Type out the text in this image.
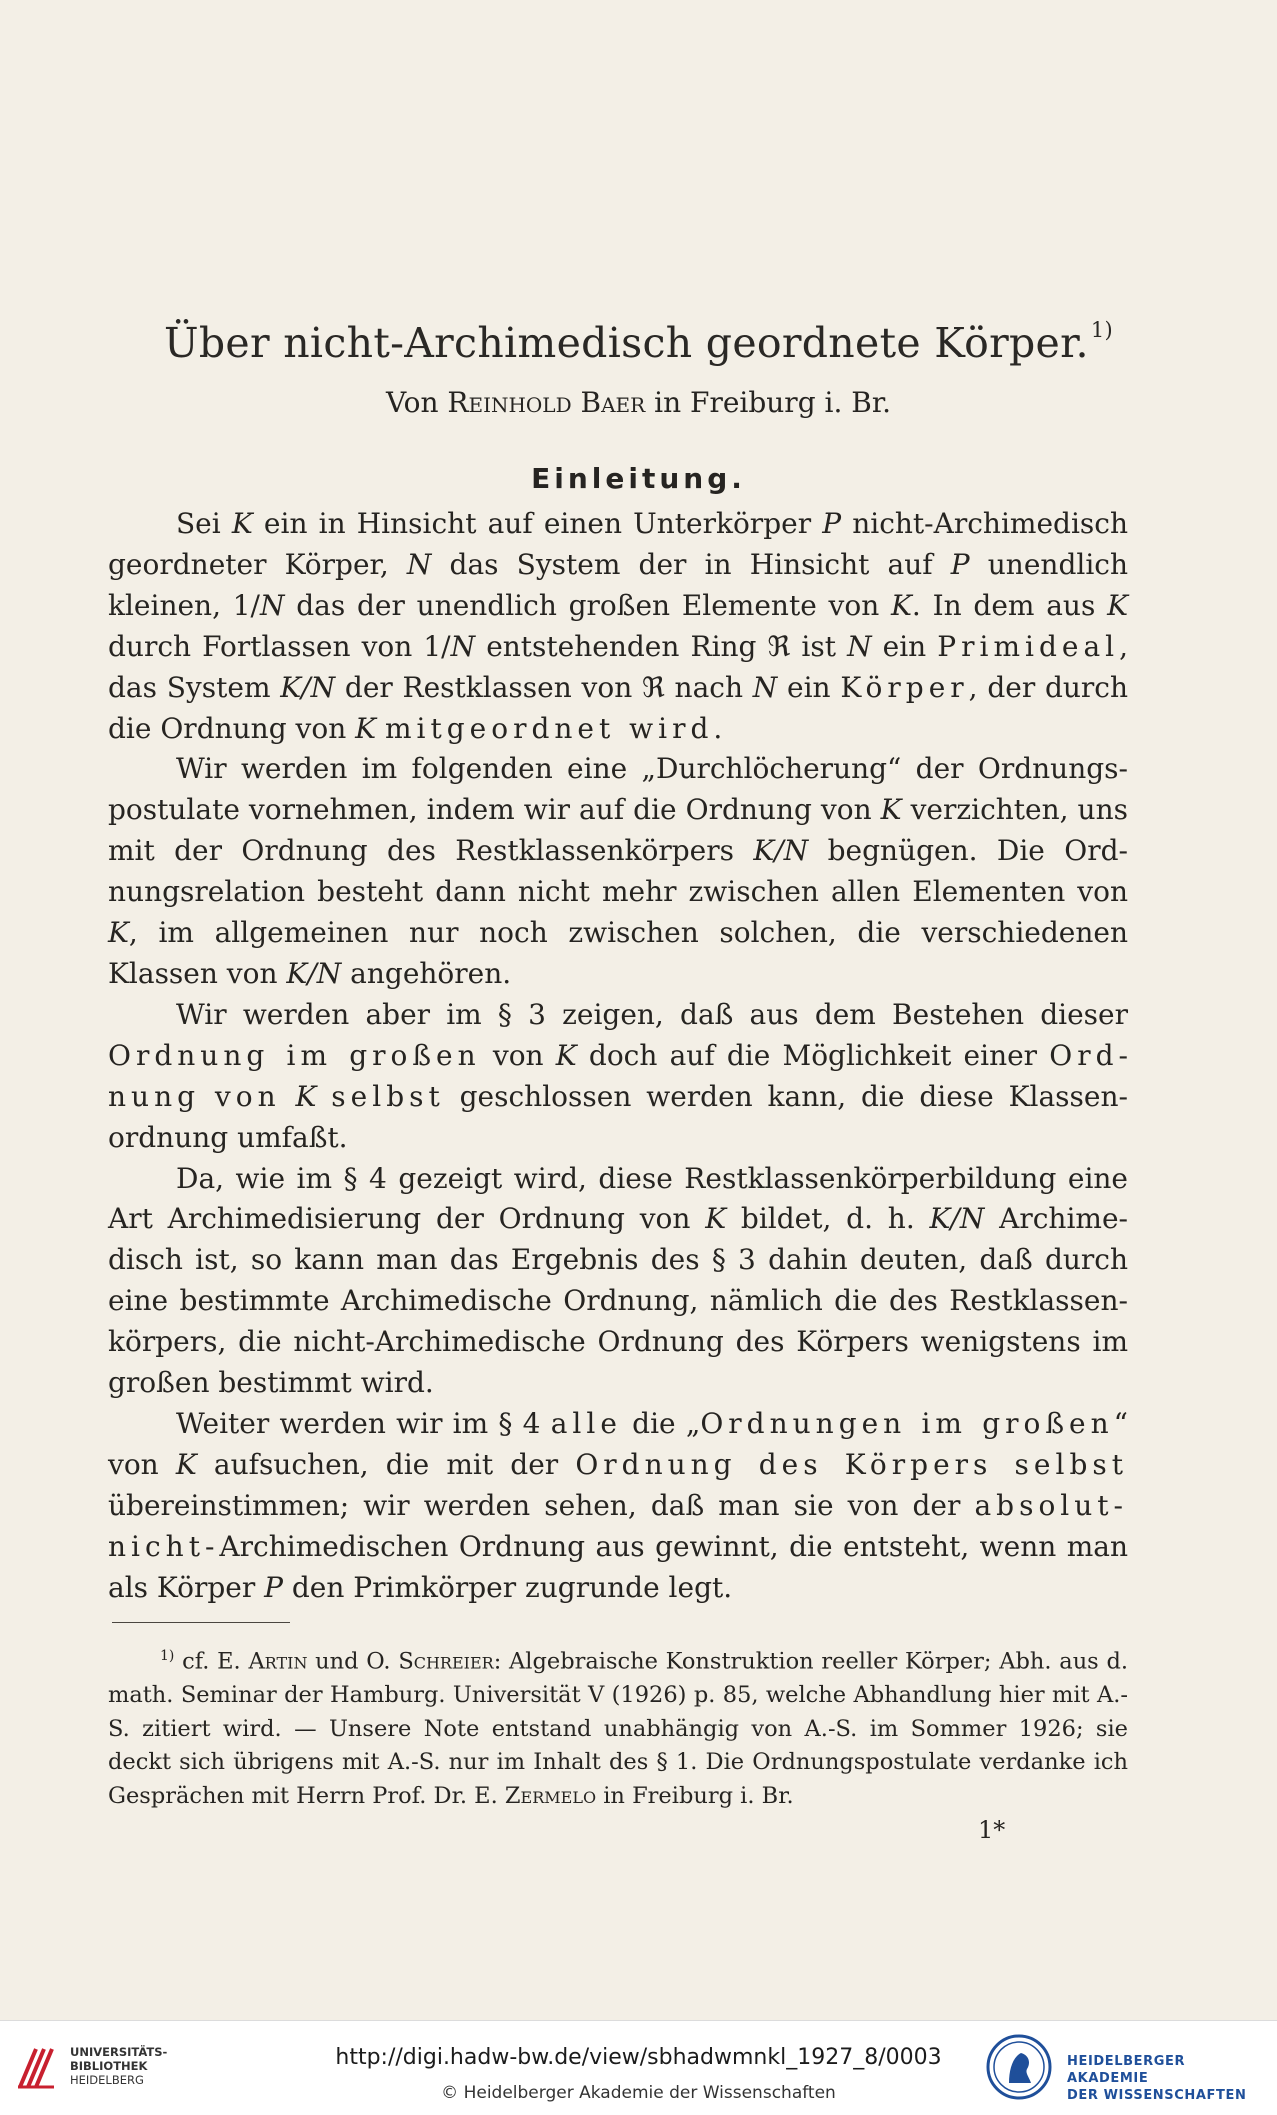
Über nicht-Archimedisch geordnete Körper.$^{1)}$
Von Reinhold Baer in Freiburg i. Br.
Einleitung.

Sei K ein in Hinsicht auf einen Unterkörper P nicht-Archimedisch geordneter Körper, N das System der in Hinsicht auf P unendlich kleinen, 1/N das der unendlich großen Elemente von K. In dem aus K durch Fortlassen von 1/N entstehenden Ring ℜ ist N ein Primideal, das System K/N der Restklassen von ℜ nach N ein Körper, der durch die Ordnung von K mitgeordnet wird.

Wir werden im folgenden eine „Durchlöcherung“ der Ordnungspostulate vornehmen, indem wir auf die Ordnung von K verzichten, uns mit der Ordnung des Restklassenkörpers K/N begnügen. Die Ordnungsrelation besteht dann nicht mehr zwischen allen Elementen von K, im allgemeinen nur noch zwischen solchen, die verschiedenen Klassen von K/N angehören.

Wir werden aber im § 3 zeigen, daß aus dem Bestehen dieser Ordnung im großen von K doch auf die Möglichkeit einer Ordnung von K selbst geschlossen werden kann, die diese Klassenordnung umfaßt.

Da, wie im § 4 gezeigt wird, diese Restklassenkörperbildung eine Art Archimedisierung der Ordnung von K bildet, d. h. K/N Archimedisch ist, so kann man das Ergebnis des § 3 dahin deuten, daß durch eine bestimmte Archimedische Ordnung, nämlich die des Restklassenkörpers, die nicht-Archimedische Ordnung des Körpers wenigstens im großen bestimmt wird.

Weiter werden wir im § 4 alle die „Ordnungen im großen“ von K aufsuchen, die mit der Ordnung des Körpers selbst übereinstimmen; wir werden sehen, daß man sie von der absolut-nicht-Archimedischen Ordnung aus gewinnt, die entsteht, wenn man als Körper P den Primkörper zugrunde legt.

$^{1)}$ cf. E. Artin und O. Schreier: Algebraische Konstruktion reeller Körper; Abh. aus d. math. Seminar der Hamburg. Universität V (1926) p. 85, welche Abhandlung hier mit A.-S. zitiert wird. — Unsere Note entstand unabhängig von A.-S. im Sommer 1926; sie deckt sich übrigens mit A.-S. nur im Inhalt des § 1. Die Ordnungspostulate verdanke ich Gesprächen mit Herrn Prof. Dr. E. Zermelo in Freiburg i. Br.

1*
UNIVERSITÄTS-
BIBLIOTHEK
HEIDELBERG
http://digi.hadw-bw.de/view/sbhadwmnkl_1927_8/0003
© Heidelberger Akademie der Wissenschaften
HEIDELBERGER AKADEMIE
DER WISSENSCHAFTEN
